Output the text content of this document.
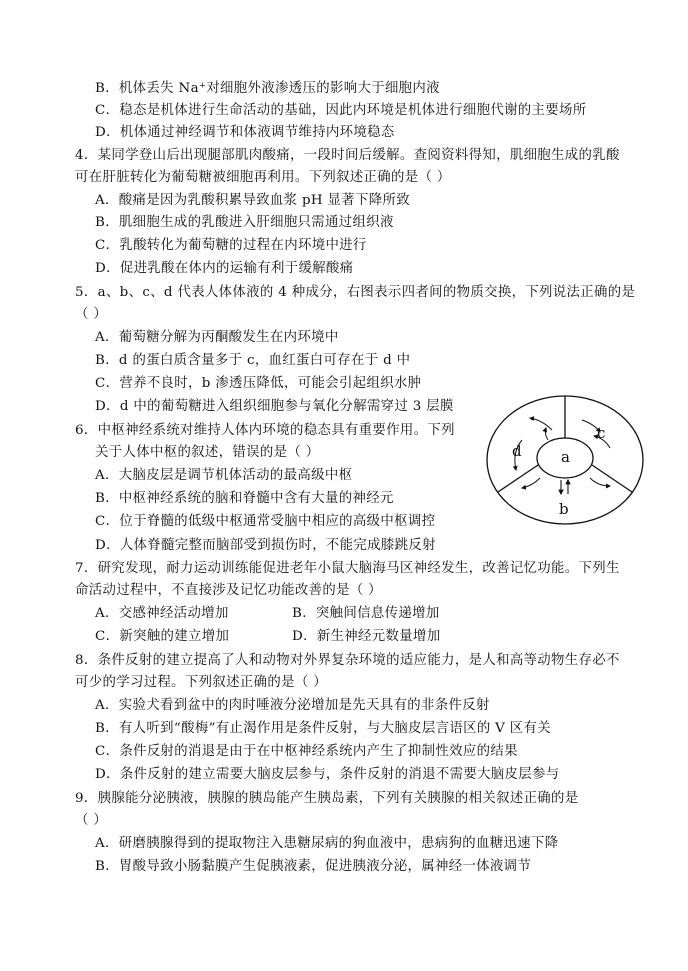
B．机体丢失 Na⁺对细胞外液渗透压的影响大于细胞内液
C．稳态是机体进行生命活动的基础，因此内环境是机体进行细胞代谢的主要场所
D．机体通过神经调节和体液调节维持内环境稳态
4．某同学登山后出现腿部肌肉酸痛，一段时间后缓解。查阅资料得知，肌细胞生成的乳酸
可在肝脏转化为葡萄糖被细胞再利用。下列叙述正确的是（ ）
A．酸痛是因为乳酸积累导致血浆 pH 显著下降所致
B．肌细胞生成的乳酸进入肝细胞只需通过组织液
C．乳酸转化为葡萄糖的过程在内环境中进行
D．促进乳酸在体内的运输有利于缓解酸痛
5．a、b、c、d 代表人体体液的 4 种成分，右图表示四者间的物质交换，下列说法正确的是
（ ）
A．葡萄糖分解为丙酮酸发生在内环境中
B．d 的蛋白质含量多于 c，血红蛋白可存在于 d 中
C．营养不良时，b 渗透压降低，可能会引起组织水肿
D．d 中的葡萄糖进入组织细胞参与氧化分解需穿过 3 层膜
6．中枢神经系统对维持人体内环境的稳态具有重要作用。下列
关于人体中枢的叙述，错误的是（ ）
A．大脑皮层是调节机体活动的最高级中枢
B．中枢神经系统的脑和脊髓中含有大量的神经元
C．位于脊髓的低级中枢通常受脑中相应的高级中枢调控
D．人体脊髓完整而脑部受到损伤时，不能完成膝跳反射
7．研究发现，耐力运动训练能促进老年小鼠大脑海马区神经发生，改善记忆功能。下列生
命活动过程中，不直接涉及记忆功能改善的是（ ）
A．交感神经活动增加	B．突触间信息传递增加
C．新突触的建立增加	D．新生神经元数量增加
8．条件反射的建立提高了人和动物对外界复杂环境的适应能力，是人和高等动物生存必不
可少的学习过程。下列叙述正确的是（ ）
A．实验犬看到盆中的肉时唾液分泌增加是先天具有的非条件反射
B．有人听到“酸梅”有止渴作用是条件反射，与大脑皮层言语区的 V 区有关
C．条件反射的消退是由于在中枢神经系统内产生了抑制性效应的结果
D．条件反射的建立需要大脑皮层参与，条件反射的消退不需要大脑皮层参与
9．胰腺能分泌胰液，胰腺的胰岛能产生胰岛素，下列有关胰腺的相关叙述正确的是
（ ）
A．研磨胰腺得到的提取物注入患糖尿病的狗血液中，患病狗的血糖迅速下降
B．胃酸导致小肠黏膜产生促胰液素，促进胰液分泌，属神经一体液调节
a
b
c
d
